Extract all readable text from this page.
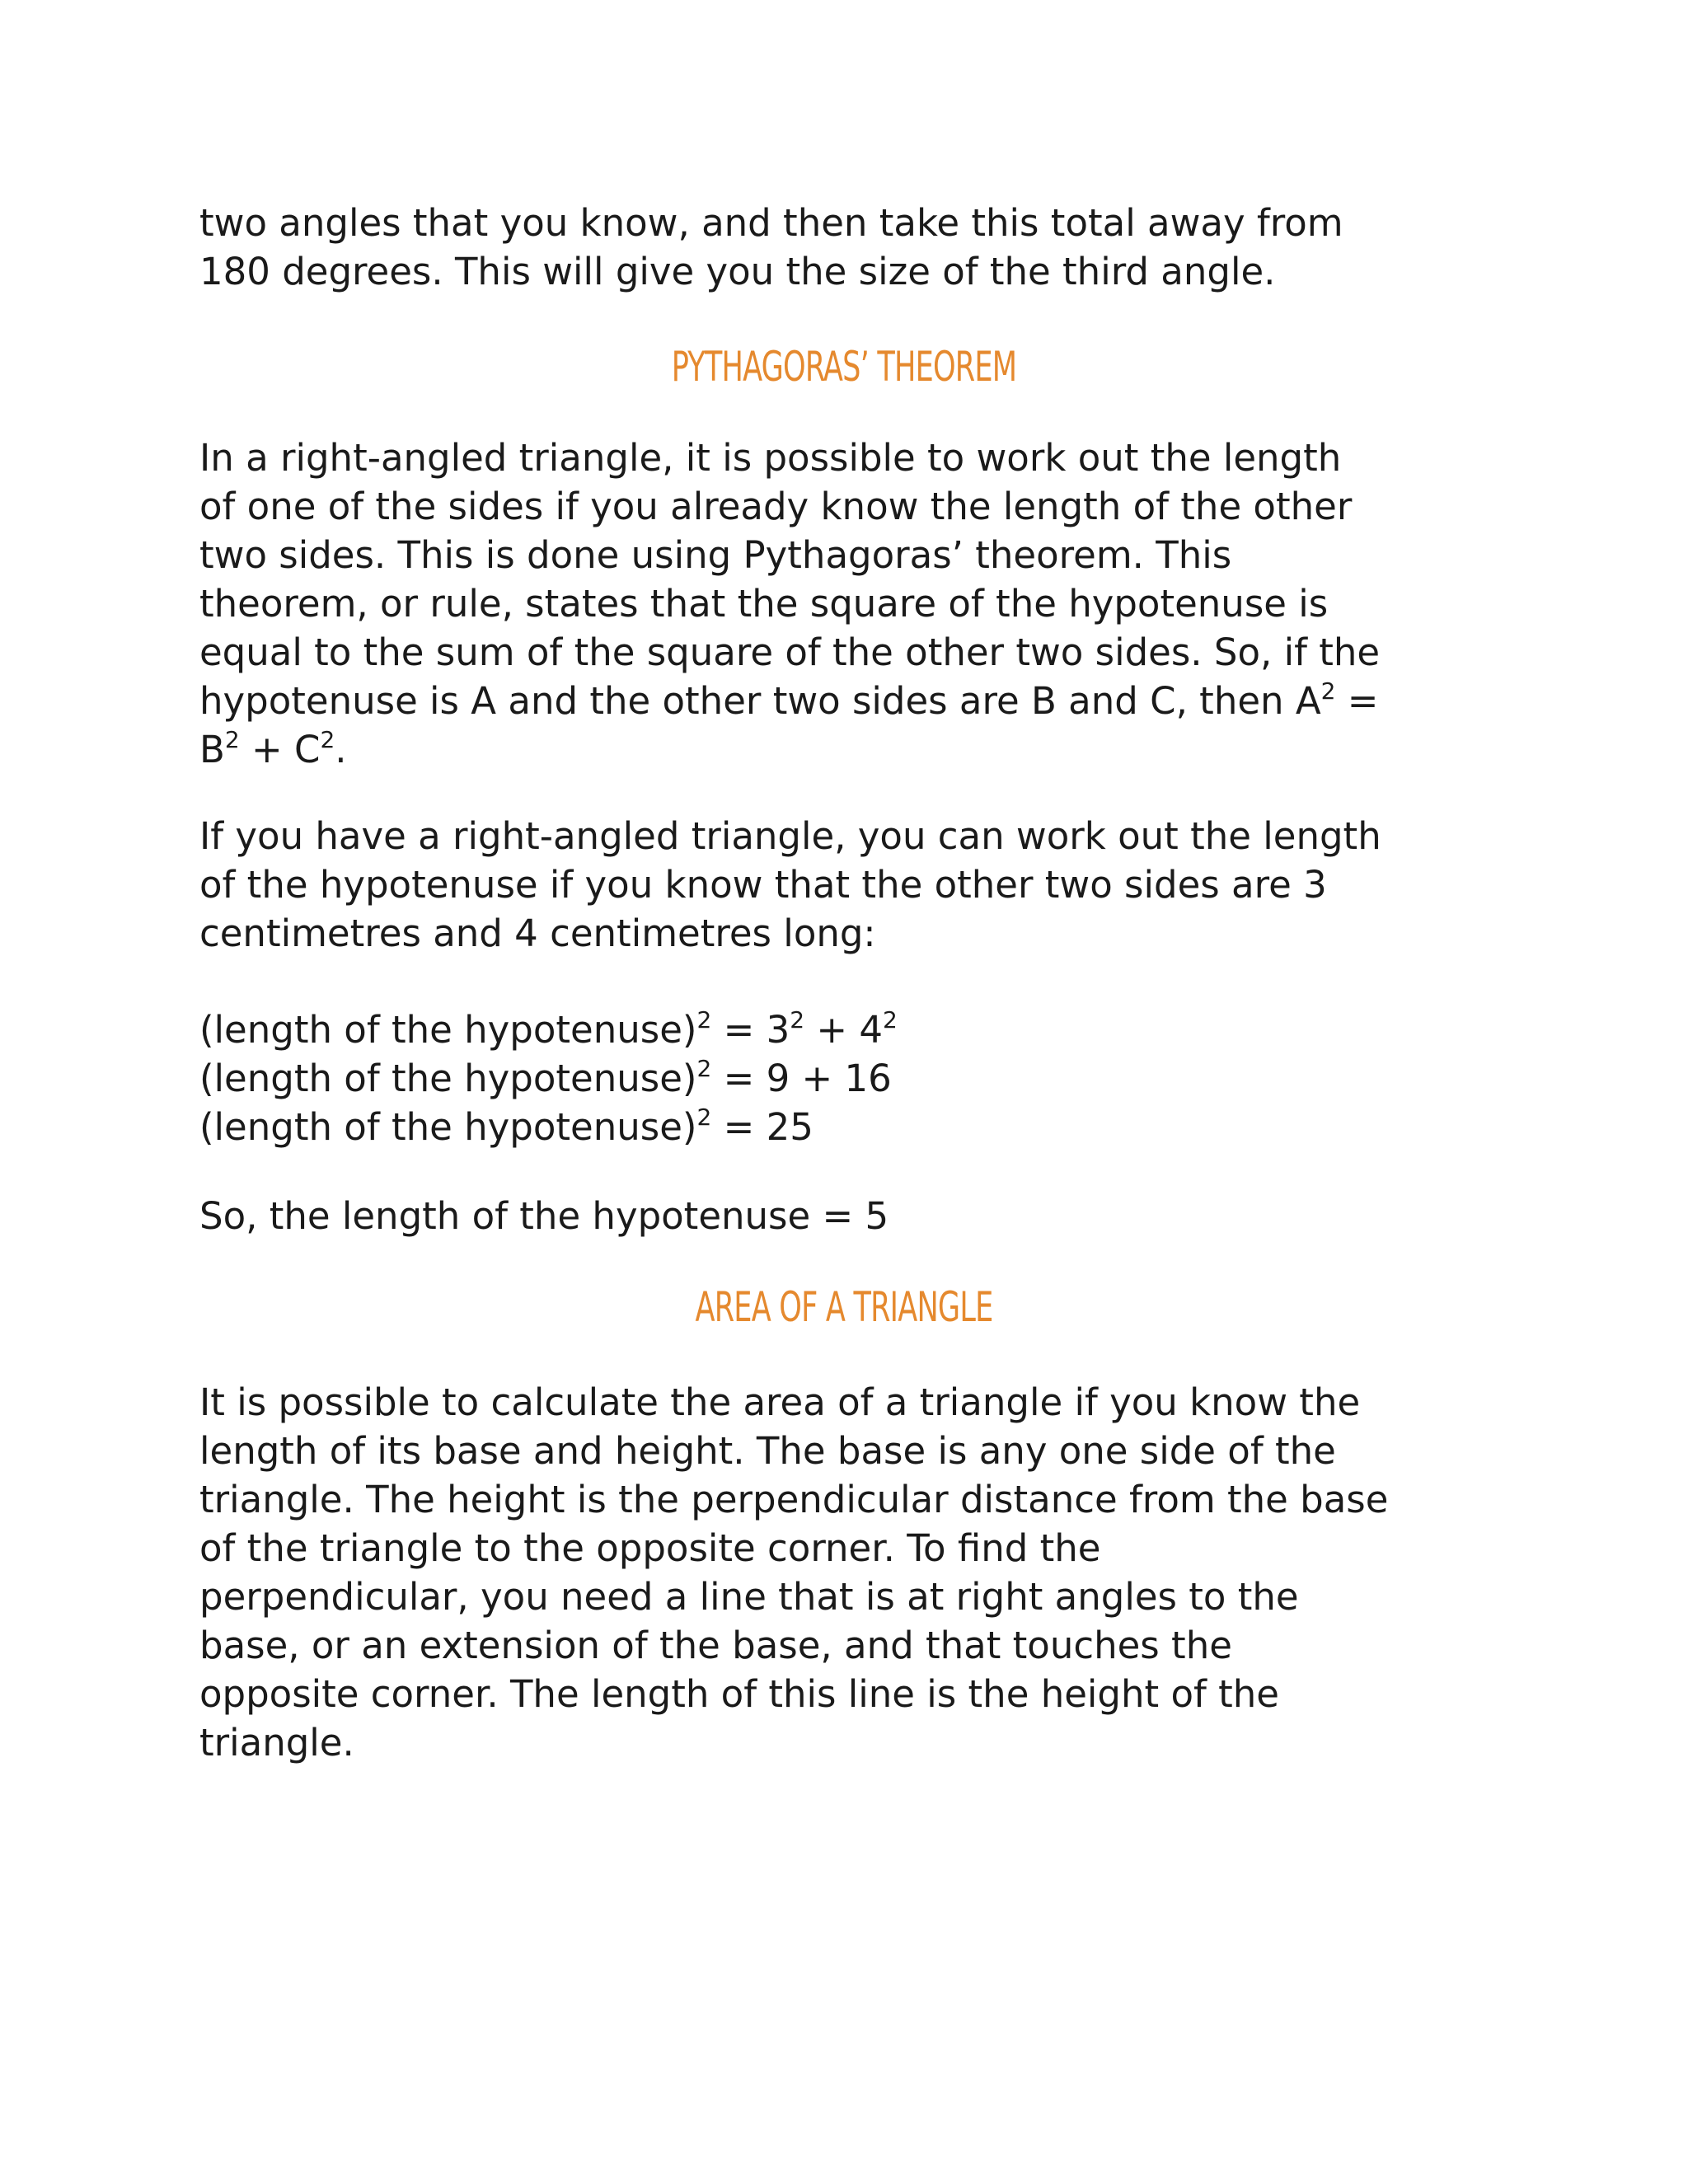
two angles that you know, and then take this total away from
180 degrees. This will give you the size of the third angle.

PYTHAGORAS’ THEOREM

In a right-angled triangle, it is possible to work out the length
of one of the sides if you already know the length of the other
two sides. This is done using Pythagoras’ theorem. This
theorem, or rule, states that the square of the hypotenuse is
equal to the sum of the square of the other two sides. So, if the
hypotenuse is A and the other two sides are B and C, then $A^2$ =
$B^2 + C^2$.

If you have a right-angled triangle, you can work out the length
of the hypotenuse if you know that the other two sides are 3
centimetres and 4 centimetres long:

(length of the hypotenuse)$^2$ = $3^2 + 4^2$
(length of the hypotenuse)$^2$ = 9 + 16
(length of the hypotenuse)$^2$ = 25

So, the length of the hypotenuse = 5

AREA OF A TRIANGLE

It is possible to calculate the area of a triangle if you know the
length of its base and height. The base is any one side of the
triangle. The height is the perpendicular distance from the base
of the triangle to the opposite corner. To find the
perpendicular, you need a line that is at right angles to the
base, or an extension of the base, and that touches the
opposite corner. The length of this line is the height of the
triangle.
